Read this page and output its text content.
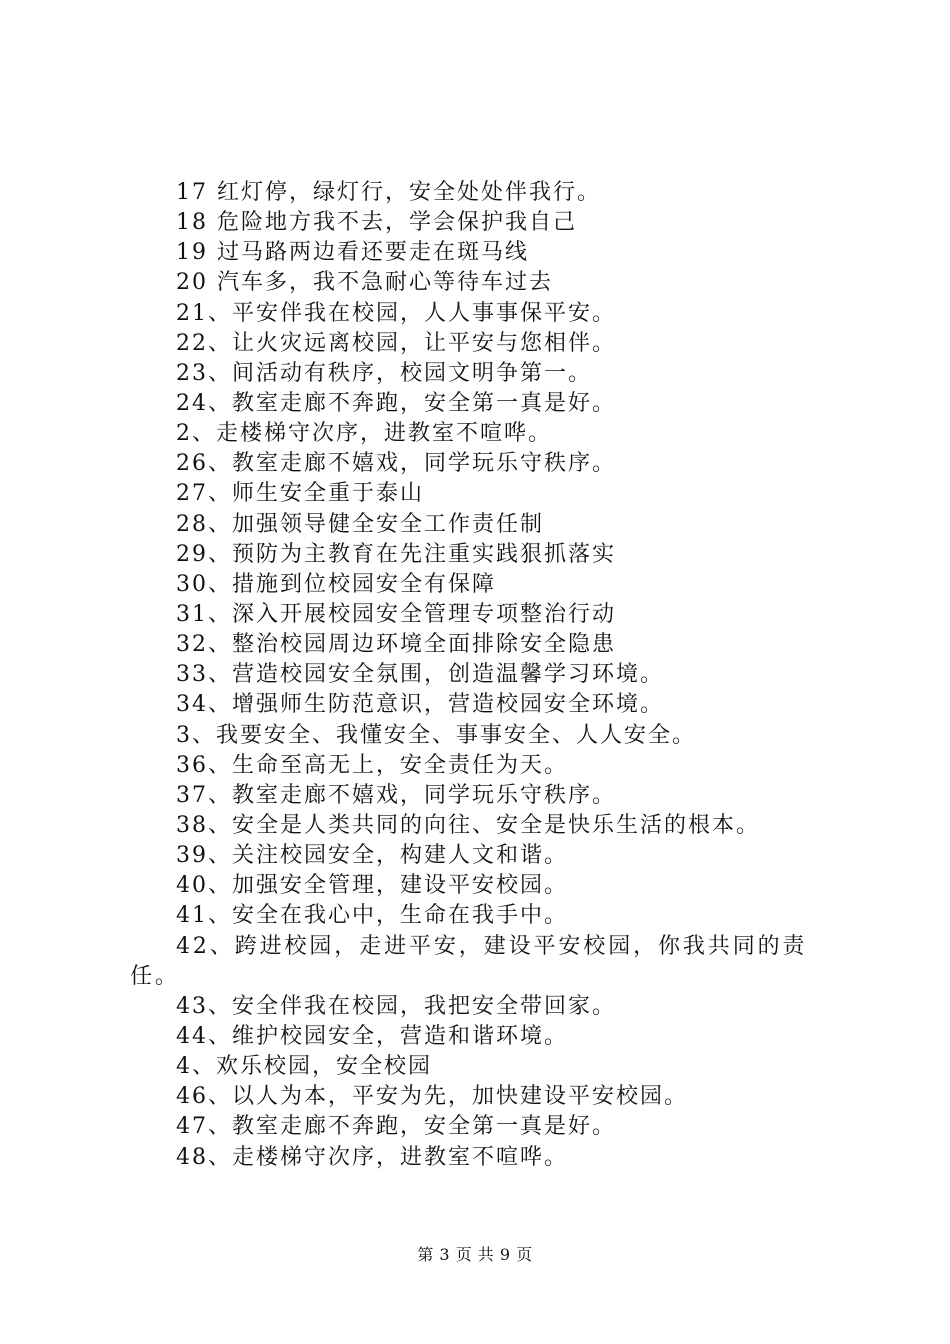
17 红灯停，绿灯行，安全处处伴我行。
18 危险地方我不去，学会保护我自己
19 过马路两边看还要走在斑马线
20 汽车多，我不急耐心等待车过去
21、平安伴我在校园，人人事事保平安。
22、让火灾远离校园，让平安与您相伴。
23、间活动有秩序，校园文明争第一。
24、教室走廊不奔跑，安全第一真是好。
2、走楼梯守次序，进教室不喧哗。
26、教室走廊不嬉戏，同学玩乐守秩序。
27、师生安全重于泰山
28、加强领导健全安全工作责任制
29、预防为主教育在先注重实践狠抓落实
30、措施到位校园安全有保障
31、深入开展校园安全管理专项整治行动
32、整治校园周边环境全面排除安全隐患
33、营造校园安全氛围，创造温馨学习环境。
34、增强师生防范意识，营造校园安全环境。
3、我要安全、我懂安全、事事安全、人人安全。
36、生命至高无上，安全责任为天。
37、教室走廊不嬉戏，同学玩乐守秩序。
38、安全是人类共同的向往、安全是快乐生活的根本。
39、关注校园安全，构建人文和谐。
40、加强安全管理，建设平安校园。
41、安全在我心中，生命在我手中。
42、跨进校园，走进平安，建设平安校园，你我共同的责任。
43、安全伴我在校园，我把安全带回家。
44、维护校园安全，营造和谐环境。
4、欢乐校园，安全校园
46、以人为本，平安为先，加快建设平安校园。
47、教室走廊不奔跑，安全第一真是好。
48、走楼梯守次序，进教室不喧哗。
第 3 页 共 9 页
